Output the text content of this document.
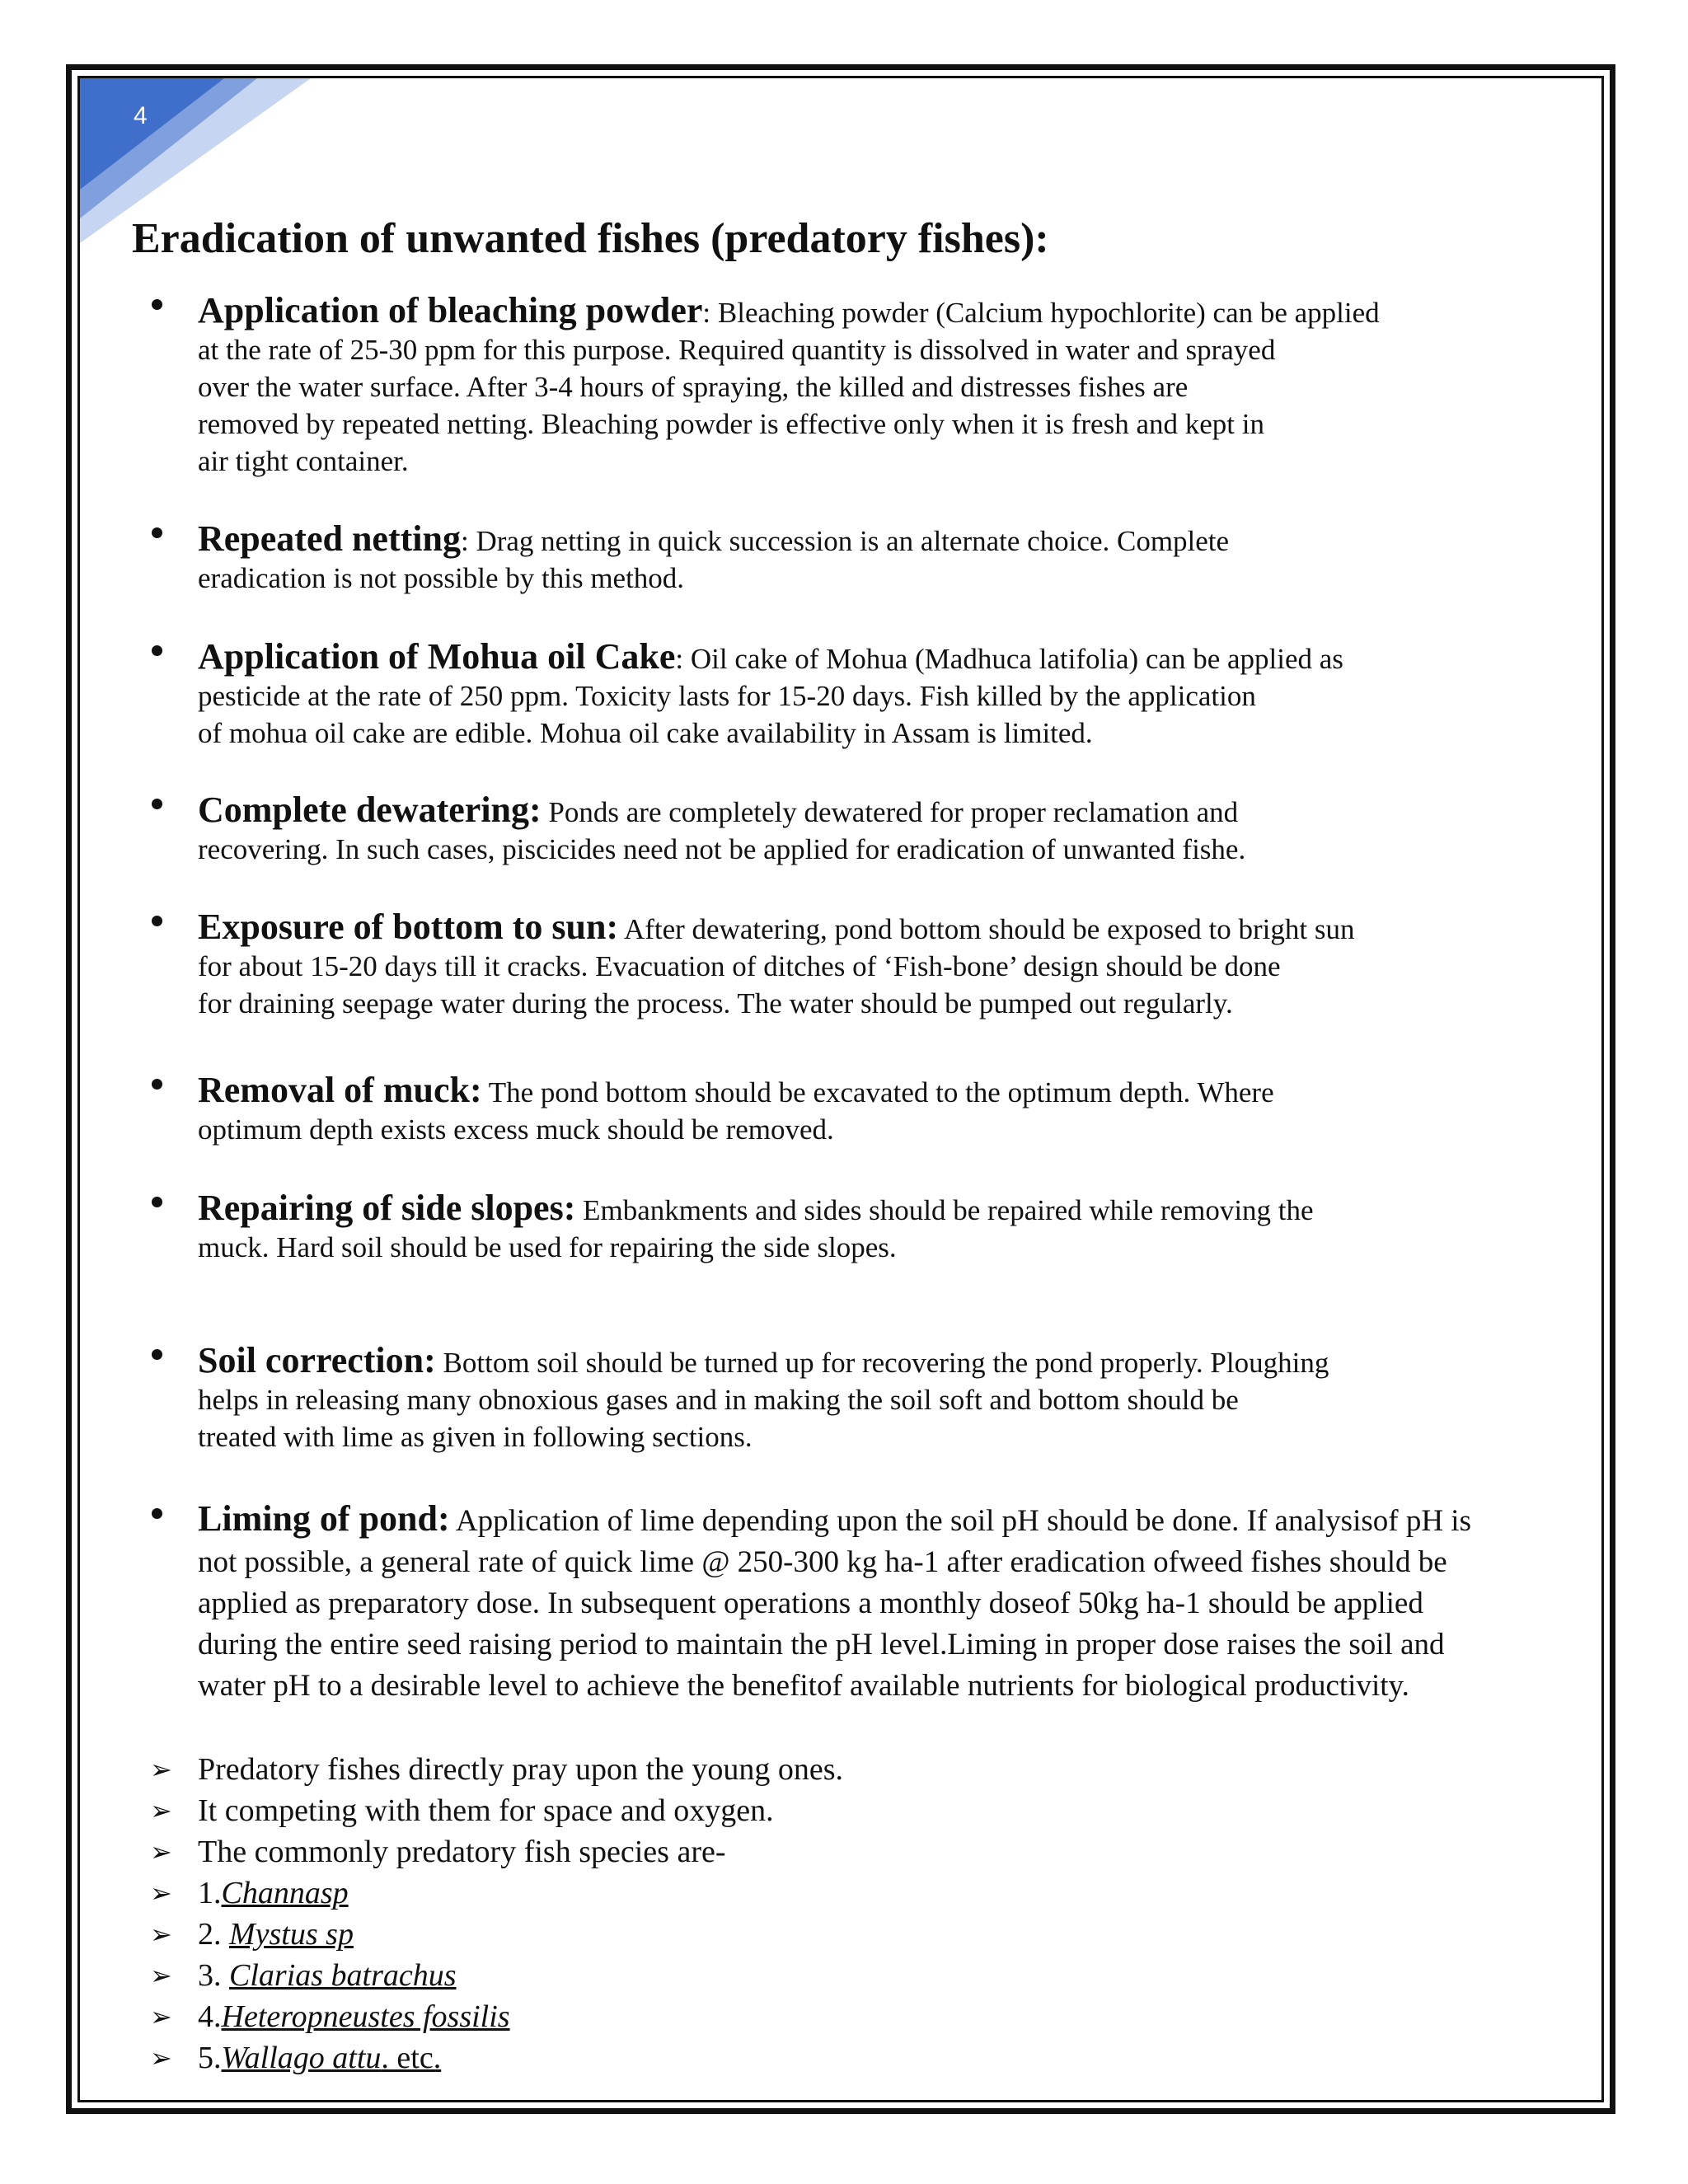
4
Eradication of unwanted fishes (predatory fishes):
Application of bleaching powder: Bleaching powder (Calcium hypochlorite) can be applied
at the rate of 25-30 ppm for this purpose. Required quantity is dissolved in water and sprayed
over the water surface. After 3-4 hours of spraying, the killed and distresses fishes are
removed by repeated netting. Bleaching powder is effective only when it is fresh and kept in
air tight container.
Repeated netting: Drag netting in quick succession is an alternate choice. Complete
eradication is not possible by this method.
Application of Mohua oil Cake: Oil cake of Mohua (Madhuca latifolia) can be applied as
pesticide at the rate of 250 ppm. Toxicity lasts for 15-20 days. Fish killed by the application
of mohua oil cake are edible. Mohua oil cake availability in Assam is limited.
Complete dewatering: Ponds are completely dewatered for proper reclamation and
recovering. In such cases, piscicides need not be applied for eradication of unwanted fishe.
Exposure of bottom to sun: After dewatering, pond bottom should be exposed to bright sun
for about 15-20 days till it cracks. Evacuation of ditches of ‘Fish-bone’ design should be done
for draining seepage water during the process. The water should be pumped out regularly.
Removal of muck: The pond bottom should be excavated to the optimum depth. Where
optimum depth exists excess muck should be removed.
Repairing of side slopes: Embankments and sides should be repaired while removing the
muck. Hard soil should be used for repairing the side slopes.
Soil correction: Bottom soil should be turned up for recovering the pond properly. Ploughing
helps in releasing many obnoxious gases and in making the soil soft and bottom should be
treated with lime as given in following sections.
Liming of pond: Application of lime depending upon the soil pH should be done. If analysisof pH is
not possible, a general rate of quick lime @ 250-300 kg ha-1 after eradication ofweed fishes should be
applied as preparatory dose. In subsequent operations a monthly doseof 50kg ha-1 should be applied
during the entire seed raising period to maintain the pH level.Liming in proper dose raises the soil and
water pH to a desirable level to achieve the benefitof available nutrients for biological productivity.
➢ Predatory fishes directly pray upon the young ones.
➢ It competing with them for space and oxygen.
➢ The commonly predatory fish species are-
➢ 1.Channasp
➢ 2. Mystus sp
➢ 3. Clarias batrachus
➢ 4.Heteropneustes fossilis
➢ 5.Wallago attu. etc.
